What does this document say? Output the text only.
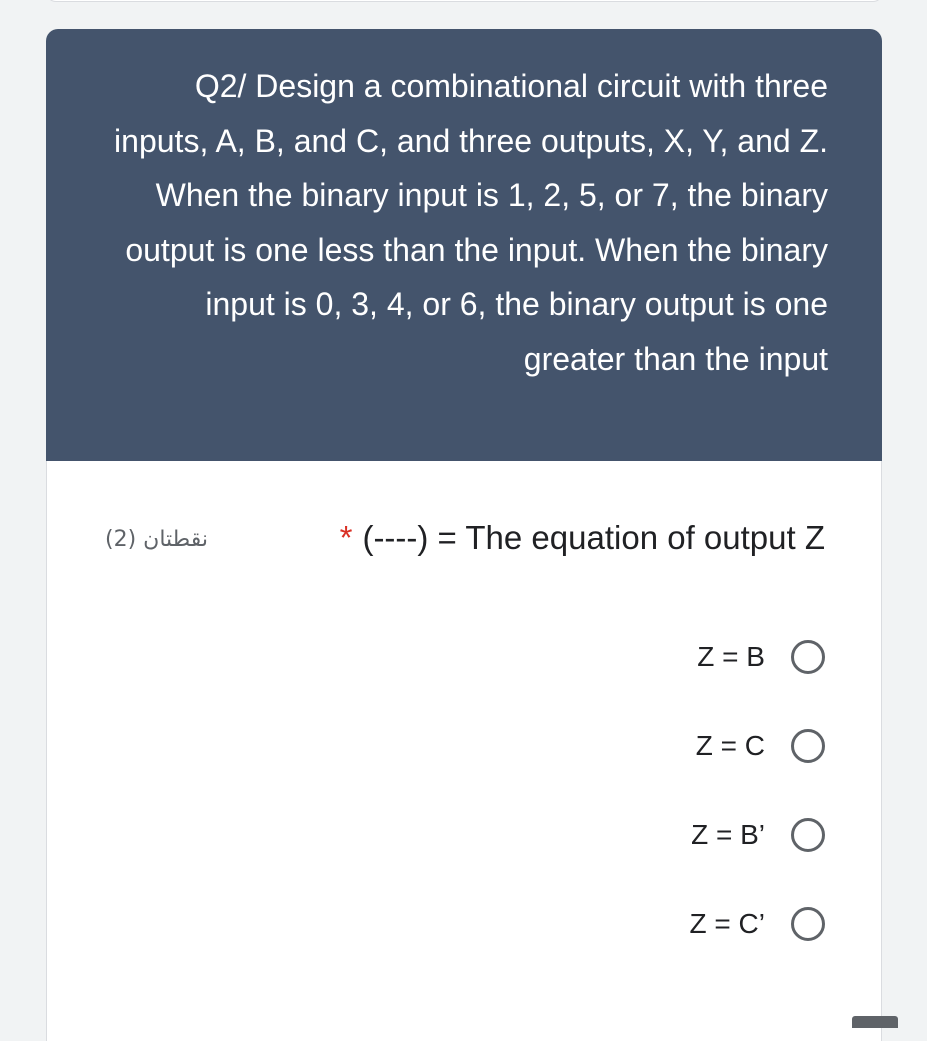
Q2/ Design a combinational circuit with three inputs, A, B, and C, and three outputs, X, Y, and Z. When the binary input is 1, 2, 5, or 7, the binary output is one less than the input. When the binary input is 0, 3, 4, or 6, the binary output is one greater than the input

نقطتان (2)	* (----) = The equation of output Z
Z = B
Z = C
Z = B’
Z = C’
